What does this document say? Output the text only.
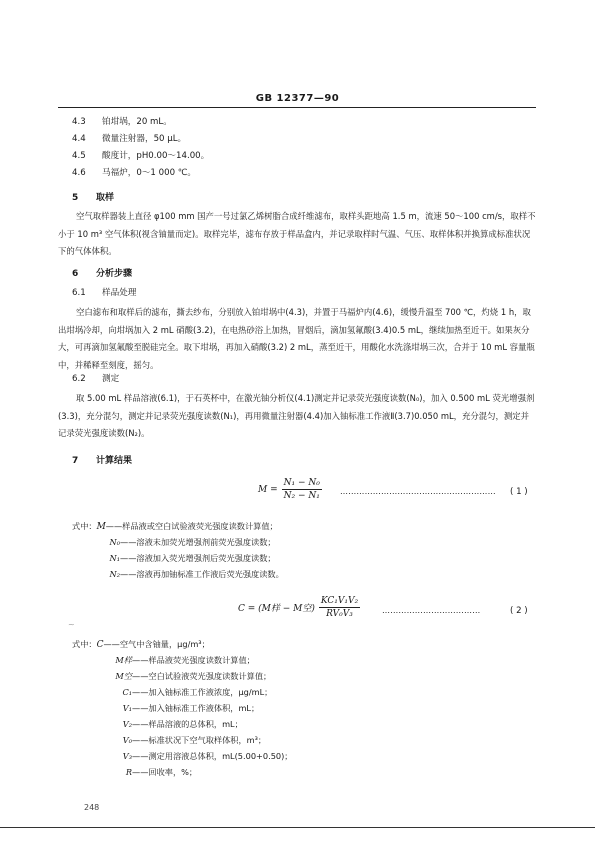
GB 12377—90
4.3 铂坩埚，20 mL。
4.4 微量注射器，50 μL。
4.5 酸度计，pH0.00～14.00。
4.6 马福炉，0～1 000 ℃。
5 取样
空气取样器装上直径 φ100 mm 国产一号过氯乙烯树脂合成纤维滤布，取样头距地高 1.5 m，流速 50～100 cm/s，取样不小于 10 m³ 空气体积(视含铀量而定)。取样完毕，滤布存放于样品盒内，并记录取样时气温、气压、取样体积并换算成标准状况下的气体体积。
6 分析步骤
6.1 样品处理
空白滤布和取样后的滤布，撕去纱布，分别放入铂坩埚中(4.3)，并置于马福炉内(4.6)，缓慢升温至 700 ℃，灼烧 1 h，取出坩埚冷却，向坩埚加入 2 mL 硝酸(3.2)，在电热砂浴上加热，冒烟后，滴加氢氟酸(3.4)0.5 mL，继续加热至近干。如果灰分大，可再滴加氢氟酸至脱硅完全。取下坩埚，再加入硝酸(3.2) 2 mL，蒸至近干，用酸化水洗涤坩埚三次，合并于 10 mL 容量瓶中，并稀释至刻度，摇匀。
6.2 测定
取 5.00 mL 样品溶液(6.1)，于石英杯中，在激光铀分析仪(4.1)测定并记录荧光强度读数(N₀)，加入 0.500 mL 荧光增强剂(3.3)，充分混匀，测定并记录荧光强度读数(N₁)，再用微量注射器(4.4)加入铀标准工作液Ⅱ(3.7)0.050 mL，充分混匀，测定并记录荧光强度读数(N₂)。
7 计算结果
$M = \frac{\text{N₁ − N₀}}{\text{N₂ − N₁}}$ ………………………………………………… ( 1 )
式中：M——样品液或空白试验液荧光强度读数计算值；
N₀——溶液未加荧光增强剂前荧光强度读数；
N₁——溶液加入荧光增强剂后荧光强度读数；
N₂——溶液再加铀标准工作液后荧光强度读数。
C = (M样 − M空) $\frac{\text{KC₁V₁V₂}}{\text{RV₀V₃}}$	………………………………	( 2 )
式中：C——空气中含铀量，μg/m³；
M样——样品液荧光强度读数计算值；
M空——空白试验液荧光强度读数计算值；
C₁——加入铀标准工作液浓度，μg/mL；
V₁——加入铀标准工作液体积，mL；
V₂——样品溶液的总体积，mL；
V₀——标准状况下空气取样体积，m³；
V₃——测定用溶液总体积，mL(5.00+0.50)；
R——回收率，%；
~
248
